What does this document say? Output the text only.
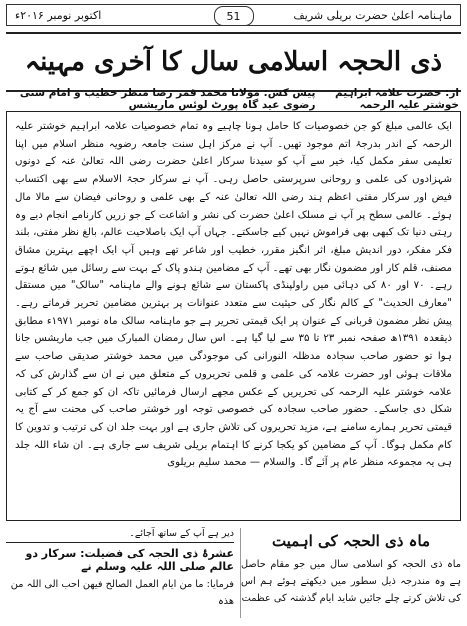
ماہنامہ اعلیٰ حضرت بریلی شریف
51
اکتوبر نومبر ۲۰۱۶ء
ذی الحجہ اسلامی سال کا آخری مہینہ
از: حضرت علامہ ابراہیم خوشتر علیہ الرحمہ
پیش کش: مولانا محمد قمر رضا منظر خطیب و امام سنی رضوی عید گاہ پورٹ لوئس ماریشس
ایک عالمی مبلغ کو جن خصوصیات کا حامل ہونا چاہیے وہ تمام خصوصیات علامہ ابراہیم خوشتر علیہ الرحمہ کے اندر بدرجۂ اتم موجود تھیں۔ آپ نے مرکز اہل سنت جامعہ رضویہ منظر اسلام میں اپنا تعلیمی سفر مکمل کیا، خیر سے آپ کو سیدنا سرکار اعلیٰ حضرت رضی اللہ تعالیٰ عنہ کے دونوں شہزادوں کی علمی و روحانی سرپرستی حاصل رہی۔ آپ نے سرکار حجۃ الاسلام سے بھی اکتساب فیض اور سرکار مفتی اعظم ہند رضی اللہ تعالیٰ عنہ کے بھی علمی و روحانی فیضان سے مالا مال ہوئے۔ عالمی سطح پر آپ نے مسلک اعلیٰ حضرت کی نشر و اشاعت کے جو زریں کارنامے انجام دیے وہ رہتی دنیا تک کبھی بھی فراموش نہیں کیے جاسکتے۔ جہاں آپ ایک باصلاحیت عالم، بالغ نظر مفتی، بلند فکر مفکر، دور اندیش مبلغ، اثر انگیز مقرر، خطیب اور شاعر تھے وہیں آپ ایک اچھے بہترین مشاق مصنف، قلم کار اور مضمون نگار بھی تھے۔ آپ کے مضامین ہندو پاک کے بہت سے رسائل میں شائع ہوتے رہے۔ ۷۰ اور ۸۰ کی دہائی میں راولپنڈی پاکستان سے شائع ہونے والے ماہنامہ "سالک" میں مستقل "معارف الحدیث" کے کالم نگار کی حیثیت سے متعدد عنوانات پر بہترین مضامین تحریر فرماتے رہے۔ پیش نظر مضمون قربانی کے عنوان پر ایک قیمتی تحریر ہے جو ماہنامہ سالک ماہ نومبر ۱۹۷۱ء مطابق ذیقعدہ ۱۳۹۱ھ صفحہ نمبر ۲۳ تا ۳۵ سے لیا گیا ہے۔ اس سال رمضان المبارک میں جب ماریشس جانا ہوا تو حضور صاحب سجادہ مدظلہ النورانی کی موجودگی میں محمد خوشتر صدیقی صاحب سے ملاقات ہوئی اور حضرت علامہ کی علمی و قلمی تحریروں کے متعلق میں نے ان سے گذارش کی کہ علامہ خوشتر علیہ الرحمہ کی تحریریں کے عکس مجھے ارسال فرمائیں تاکہ ان کو جمع کر کے کتابی شکل دی جاسکے۔ حضور صاحب سجادہ کی خصوصی توجہ اور خوشتر صاحب کی محنت سے آج یہ قیمتی تحریر ہمارے سامنے ہے، مزید تحریروں کی تلاش جاری ہے اور بہت جلد ان کی ترتیب و تدوین کا کام مکمل ہوگا۔ آپ کے مضامین کو یکجا کرنے کا اہتمام بریلی شریف سے جاری ہے۔ ان شاء اللہ جلد ہی یہ مجموعہ منظر عام پر آئے گا۔ والسلام — محمد سلیم بریلوی
ماہ ذی الحجہ کی اہمیت
ماہ ذی الحجہ کو اسلامی سال میں جو مقام حاصل ہے وہ مندرجہ ذیل سطور میں دیکھتے ہوئے ہم اس کی تلاش کرتے چلے جائیں شاید ایام گذشتہ کی عظمت
دیر ہے آپ کے ساتھ آجائے۔
عشرۂ ذی الحجہ کی فضیلت: سرکار دو عالم صلی اللہ علیہ وسلم نے
فرمایا: ما من ایام العمل الصالح فیھن احب الی اللہ من ھذہ
